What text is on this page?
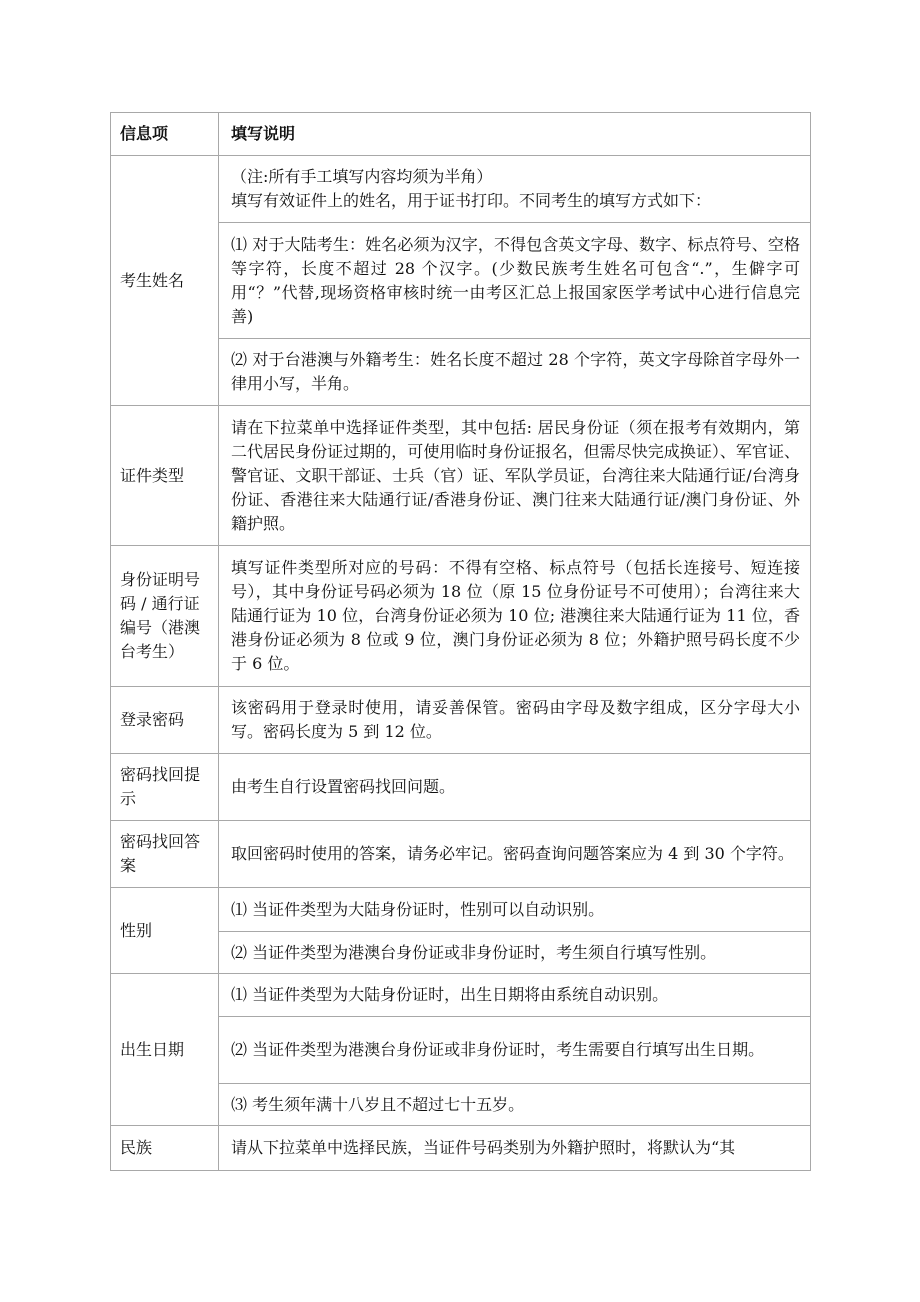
信息项	填写说明
考生姓名	（注:所有手工填写内容均须为半角）
填写有效证件上的姓名，用于证书打印。不同考生的填写方式如下：
	⑴ 对于大陆考生：姓名必须为汉字，不得包含英文字母、数字、标点符号、空格等字符，长度不超过 28 个汉字。(少数民族考生姓名可包含“.”，生僻字可用“？”代替,现场资格审核时统一由考区汇总上报国家医学考试中心进行信息完善)
	⑵ 对于台港澳与外籍考生：姓名长度不超过 28 个字符，英文字母除首字母外一律用小写，半角。
证件类型	请在下拉菜单中选择证件类型，其中包括: 居民身份证（须在报考有效期内，第二代居民身份证过期的，可使用临时身份证报名，但需尽快完成换证）、军官证、警官证、文职干部证、士兵（官）证、军队学员证，台湾往来大陆通行证/台湾身份证、香港往来大陆通行证/香港身份证、澳门往来大陆通行证/澳门身份证、外籍护照。
身份证明号码 / 通行证编号（港澳台考生）	填写证件类型所对应的号码：不得有空格、标点符号（包括长连接号、短连接号），其中身份证号码必须为 18 位（原 15 位身份证号不可使用）；台湾往来大陆通行证为 10 位，台湾身份证必须为 10 位; 港澳往来大陆通行证为 11 位，香港身份证必须为 8 位或 9 位，澳门身份证必须为 8 位；外籍护照号码长度不少于 6 位。
登录密码	该密码用于登录时使用，请妥善保管。密码由字母及数字组成，区分字母大小写。密码长度为 5 到 12 位。
密码找回提示	由考生自行设置密码找回问题。
密码找回答案	取回密码时使用的答案，请务必牢记。密码查询问题答案应为 4 到 30 个字符。
性别	⑴ 当证件类型为大陆身份证时，性别可以自动识别。
	⑵ 当证件类型为港澳台身份证或非身份证时，考生须自行填写性别。
出生日期	⑴ 当证件类型为大陆身份证时，出生日期将由系统自动识别。
	⑵ 当证件类型为港澳台身份证或非身份证时，考生需要自行填写出生日期。
	⑶ 考生须年满十八岁且不超过七十五岁。
民族	请从下拉菜单中选择民族，当证件号码类别为外籍护照时，将默认为“其
